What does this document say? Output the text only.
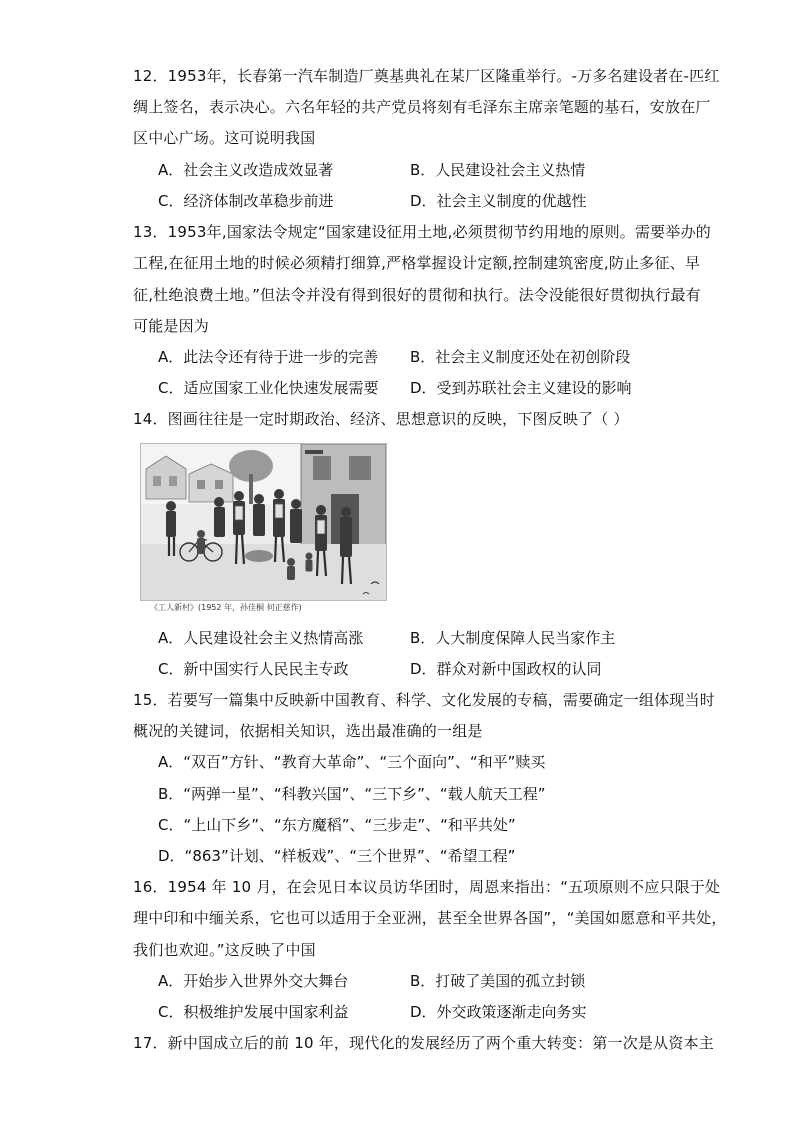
12．1953年，长春第一汽车制造厂奠基典礼在某厂区隆重举行。-万多名建设者在-匹红
绸上签名，表示决心。六名年轻的共产党员将刻有毛泽东主席亲笔题的基石，安放在厂
区中心广场。这可说明我国
A．社会主义改造成效显著	B．人民建设社会主义热情
C．经济体制改革稳步前进	D．社会主义制度的优越性
13．1953年,国家法令规定“国家建设征用土地,必须贯彻节约用地的原则。需要举办的
工程,在征用土地的时候必须精打细算,严格掌握设计定额,控制建筑密度,防止多征、早
征,杜绝浪费土地。”但法令并没有得到很好的贯彻和执行。法令没能很好贯彻执行最有
可能是因为
A．此法令还有待于进一步的完善 B．社会主义制度还处在初创阶段
C．适应国家工业化快速发展需要 D．受到苏联社会主义建设的影响
14．图画往往是一定时期政治、经济、思想意识的反映，下图反映了（ ）
《工人新村》(1952 年，孙佳桐 何正慈作)
A．人民建设社会主义热情高涨	B．人大制度保障人民当家作主
C．新中国实行人民民主专政	D．群众对新中国政权的认同
15．若要写一篇集中反映新中国教育、科学、文化发展的专稿，需要确定一组体现当时
概况的关键词，依据相关知识，选出最准确的一组是
A．“双百”方针、“教育大革命”、“三个面向”、“和平”赎买
B．“两弹一星”、“科教兴国”、“三下乡”、“载人航天工程”
C．“上山下乡”、“东方魔稻”、“三步走”、“和平共处”
D．“863”计划、“样板戏”、“三个世界”、“希望工程”
16．1954 年 10 月，在会见日本议员访华团时，周恩来指出：“五项原则不应只限于处
理中印和中缅关系，它也可以适用于全亚洲，甚至全世界各国”，“美国如愿意和平共处，
我们也欢迎。”这反映了中国
A．开始步入世界外交大舞台	B．打破了美国的孤立封锁
C．积极维护发展中国家利益	D．外交政策逐渐走向务实
17．新中国成立后的前 10 年，现代化的发展经历了两个重大转变：第一次是从资本主
